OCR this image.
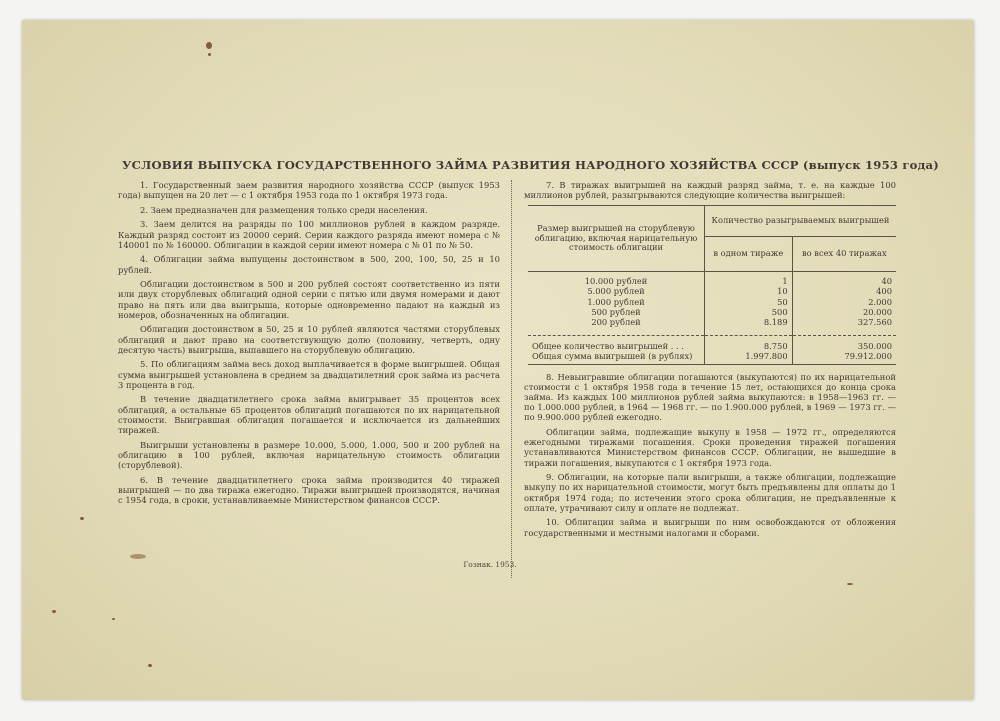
УСЛОВИЯ ВЫПУСКА ГОСУДАРСТВЕННОГО ЗАЙМА РАЗВИТИЯ НАРОДНОГО ХОЗЯЙСТВА СССР (выпуск 1953 года)

1. Государственный заем развития народного хозяйства СССР (выпуск 1953 года) выпущен на 20 лет — с 1 октября 1953 года по 1 октября 1973 года.

2. Заем предназначен для размещения только среди населения.

3. Заем делится на разряды по 100 миллионов рублей в каждом разряде. Каждый разряд состоит из 20000 серий. Серии каждого разряда имеют номера с № 140001 по № 160000. Облигации в каждой серии имеют номера с № 01 по № 50.

4. Облигации займа выпущены достоинством в 500, 200, 100, 50, 25 и 10 рублей.

Облигации достоинством в 500 и 200 рублей состоят соответственно из пяти или двух сторублевых облигаций одной серии с пятью или двумя номерами и дают право на пять или два выигрыша, которые одновременно падают на каждый из номеров, обозначенных на облигации.

Облигации достоинством в 50, 25 и 10 рублей являются частями сторублевых облигаций и дают право на соответствующую долю (половину, четверть, одну десятую часть) выигрыша, выпавшего на сторублевую облигацию.

5. По облигациям займа весь доход выплачивается в форме выигрышей. Общая сумма выигрышей установлена в среднем за двадцатилетний срок займа из расчета 3 процента в год.

В течение двадцатилетнего срока займа выигрывает 35 процентов всех облигаций, а остальные 65 процентов облигаций погашаются по их нарицательной стоимости. Выигравшая облигация погашается и исключается из дальнейших тиражей.

Выигрыши установлены в размере 10.000, 5.000, 1.000, 500 и 200 рублей на облигацию в 100 рублей, включая нарицательную стоимость облигации (сторублевой).

6. В течение двадцатилетнего срока займа производится 40 тиражей выигрышей — по два тиража ежегодно. Тиражи выигрышей производятся, начиная с 1954 года, в сроки, устанавливаемые Министерством финансов СССР.

7. В тиражах выигрышей на каждый разряд займа, т. е. на каждые 100 миллионов рублей, разыгрываются следующие количества выигрышей:

Размер выигрышей на сторублевую облигацию, включая нарицательную стоимость облигации	Количество разыгрываемых выигрышей	
	в одном тираже	во всех 40 тиражах
10.000 рублей	1	40
5.000 рублей	10	400
1.000 рублей	50	2.000
500 рублей	500	20.000
200 рублей	8.189	327.560
Общее количество выигрышей . . .	8.750	350.000
Общая сумма выигрышей (в рублях)	1.997.800	79.912.000

8. Невыигравшие облигации погашаются (выкупаются) по их нарицательной стоимости с 1 октября 1958 года в течение 15 лет, остающихся до конца срока займа. Из каждых 100 миллионов рублей займа выкупаются: в 1958—1963 гг. — по 1.000.000 рублей, в 1964 — 1968 гг. — по 1.900.000 рублей, в 1969 — 1973 гг. — по 9.900.000 рублей ежегодно.

Облигации займа, подлежащие выкупу в 1958 — 1972 гг., определяются ежегодными тиражами погашения. Сроки проведения тиражей погашения устанавливаются Министерством финансов СССР. Облигации, не вышедшие в тиражи погашения, выкупаются с 1 октября 1973 года.

9. Облигации, на которые пали выигрыши, а также облигации, подлежащие выкупу по их нарицательной стоимости, могут быть предъявлены для оплаты до 1 октября 1974 года; по истечении этого срока облигации, не предъявленные к оплате, утрачивают силу и оплате не подлежат.

10. Облигации займа и выигрыши по ним освобождаются от обложения государственными и местными налогами и сборами.

Гознак. 1953.
